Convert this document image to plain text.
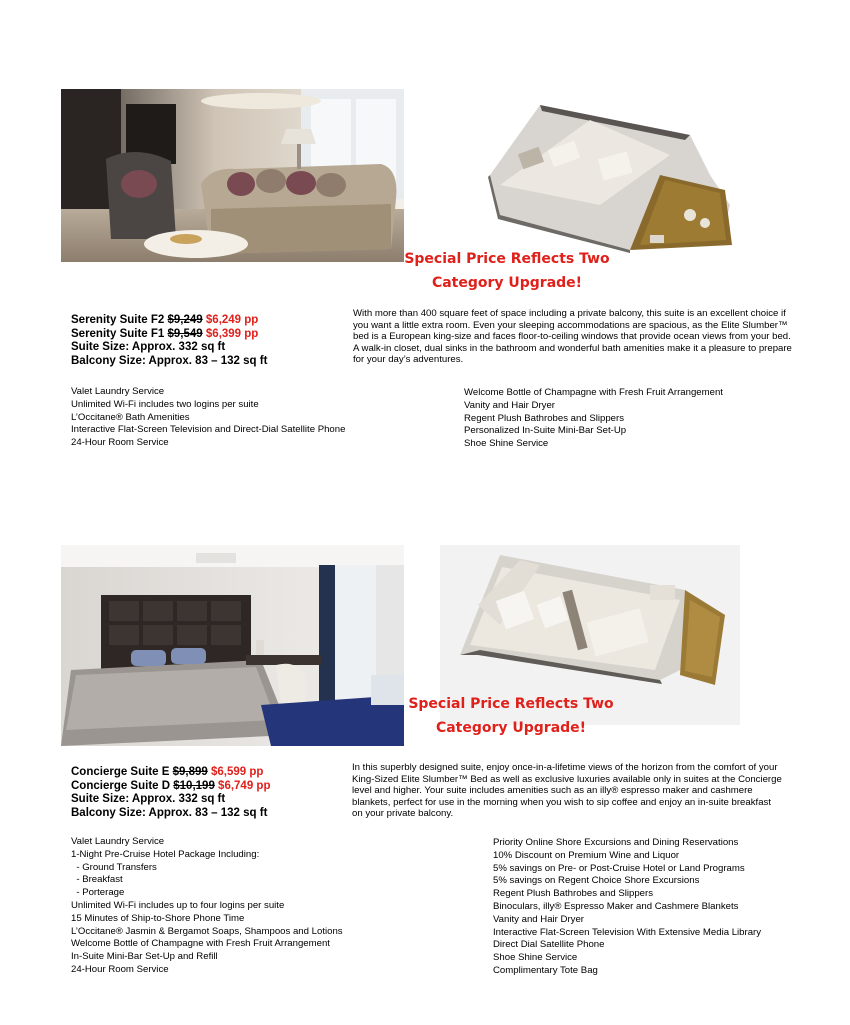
Special Price Reflects Two
Category Upgrade!
Serenity Suite F2 $9,249 $6,249 pp
Serenity Suite F1 $9,549 $6,399 pp
Suite Size: Approx. 332 sq ft
Balcony Size: Approx. 83 – 132 sq ft
With more than 400 square feet of space including a private balcony, this suite is an excellent choice if you want a little extra room. Even your sleeping accommodations are spacious, as the Elite Slumber™ bed is a European king-size and faces floor-to-ceiling windows that provide ocean views from your bed. A walk-in closet, dual sinks in the bathroom and wonderful bath amenities make it a pleasure to prepare for your day’s adventures.
Valet Laundry Service
Unlimited Wi-Fi includes two logins per suite
L’Occitane® Bath Amenities
Interactive Flat-Screen Television and Direct-Dial Satellite Phone
24-Hour Room Service
Welcome Bottle of Champagne with Fresh Fruit Arrangement
Vanity and Hair Dryer
Regent Plush Bathrobes and Slippers
Personalized In-Suite Mini-Bar Set-Up
Shoe Shine Service
Special Price Reflects Two
Category Upgrade!
Concierge Suite E $9,899 $6,599 pp
Concierge Suite D $10,199 $6,749 pp
Suite Size: Approx. 332 sq ft
Balcony Size: Approx. 83 – 132 sq ft
In this superbly designed suite, enjoy once-in-a-lifetime views of the horizon from the comfort of your King-Sized Elite Slumber™ Bed as well as exclusive luxuries available only in suites at the Concierge level and higher. Your suite includes amenities such as an illy® espresso maker and cashmere blankets, perfect for use in the morning when you wish to sip coffee and enjoy an in-suite breakfast on your private balcony.
Valet Laundry Service
1-Night Pre-Cruise Hotel Package Including:
- Ground Transfers
- Breakfast
- Porterage
Unlimited Wi-Fi includes up to four logins per suite
15 Minutes of Ship-to-Shore Phone Time
L’Occitane® Jasmin & Bergamot Soaps, Shampoos and Lotions
Welcome Bottle of Champagne with Fresh Fruit Arrangement
In-Suite Mini-Bar Set-Up and Refill
24-Hour Room Service
Priority Online Shore Excursions and Dining Reservations
10% Discount on Premium Wine and Liquor
5% savings on Pre- or Post-Cruise Hotel or Land Programs
5% savings on Regent Choice Shore Excursions
Regent Plush Bathrobes and Slippers
Binoculars, illy® Espresso Maker and Cashmere Blankets
Vanity and Hair Dryer
Interactive Flat-Screen Television With Extensive Media Library
Direct Dial Satellite Phone
Shoe Shine Service
Complimentary Tote Bag
